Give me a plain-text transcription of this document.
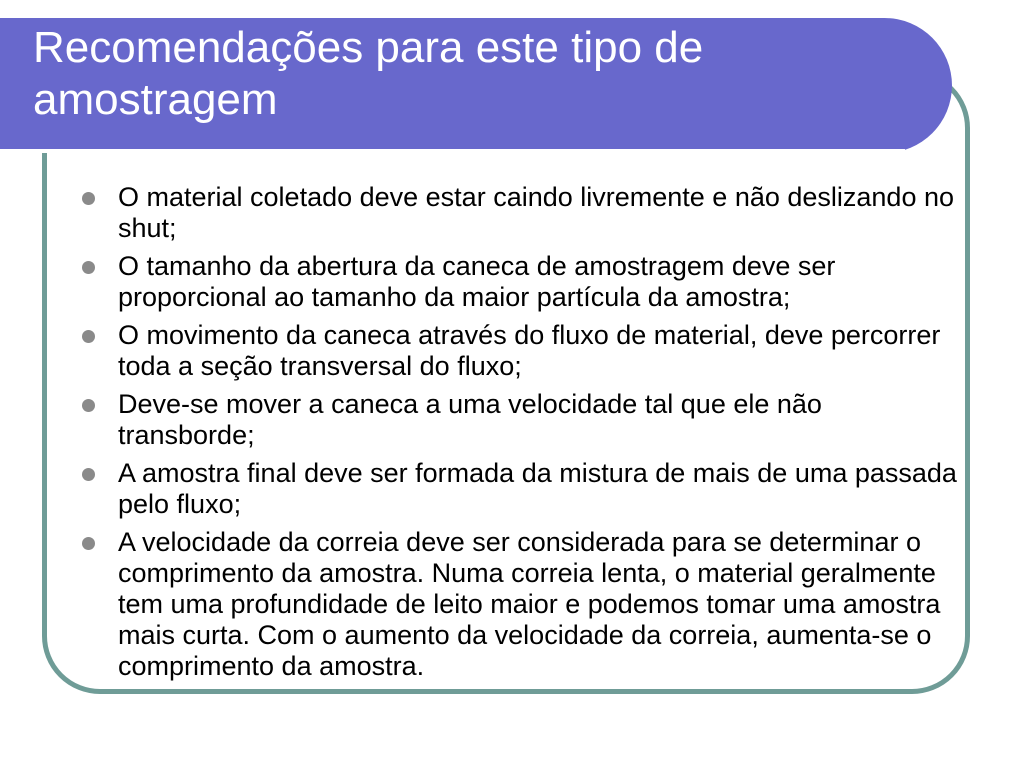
Recomendações para este tipo de amostragem
O material coletado deve estar caindo livremente e não deslizando no shut;
O tamanho da abertura da caneca de amostragem deve ser proporcional ao tamanho da maior partícula da amostra;
O movimento da caneca através do fluxo de material, deve percorrer toda a seção transversal do fluxo;
Deve-se mover a caneca a uma velocidade tal que ele não transborde;
A amostra final deve ser formada da mistura de mais de uma passada pelo fluxo;
A velocidade da correia deve ser considerada para se determinar o comprimento da amostra. Numa correia lenta, o material geralmente tem uma profundidade de leito maior e podemos tomar uma amostra mais curta. Com o aumento da velocidade da correia, aumenta-se o comprimento da amostra.
